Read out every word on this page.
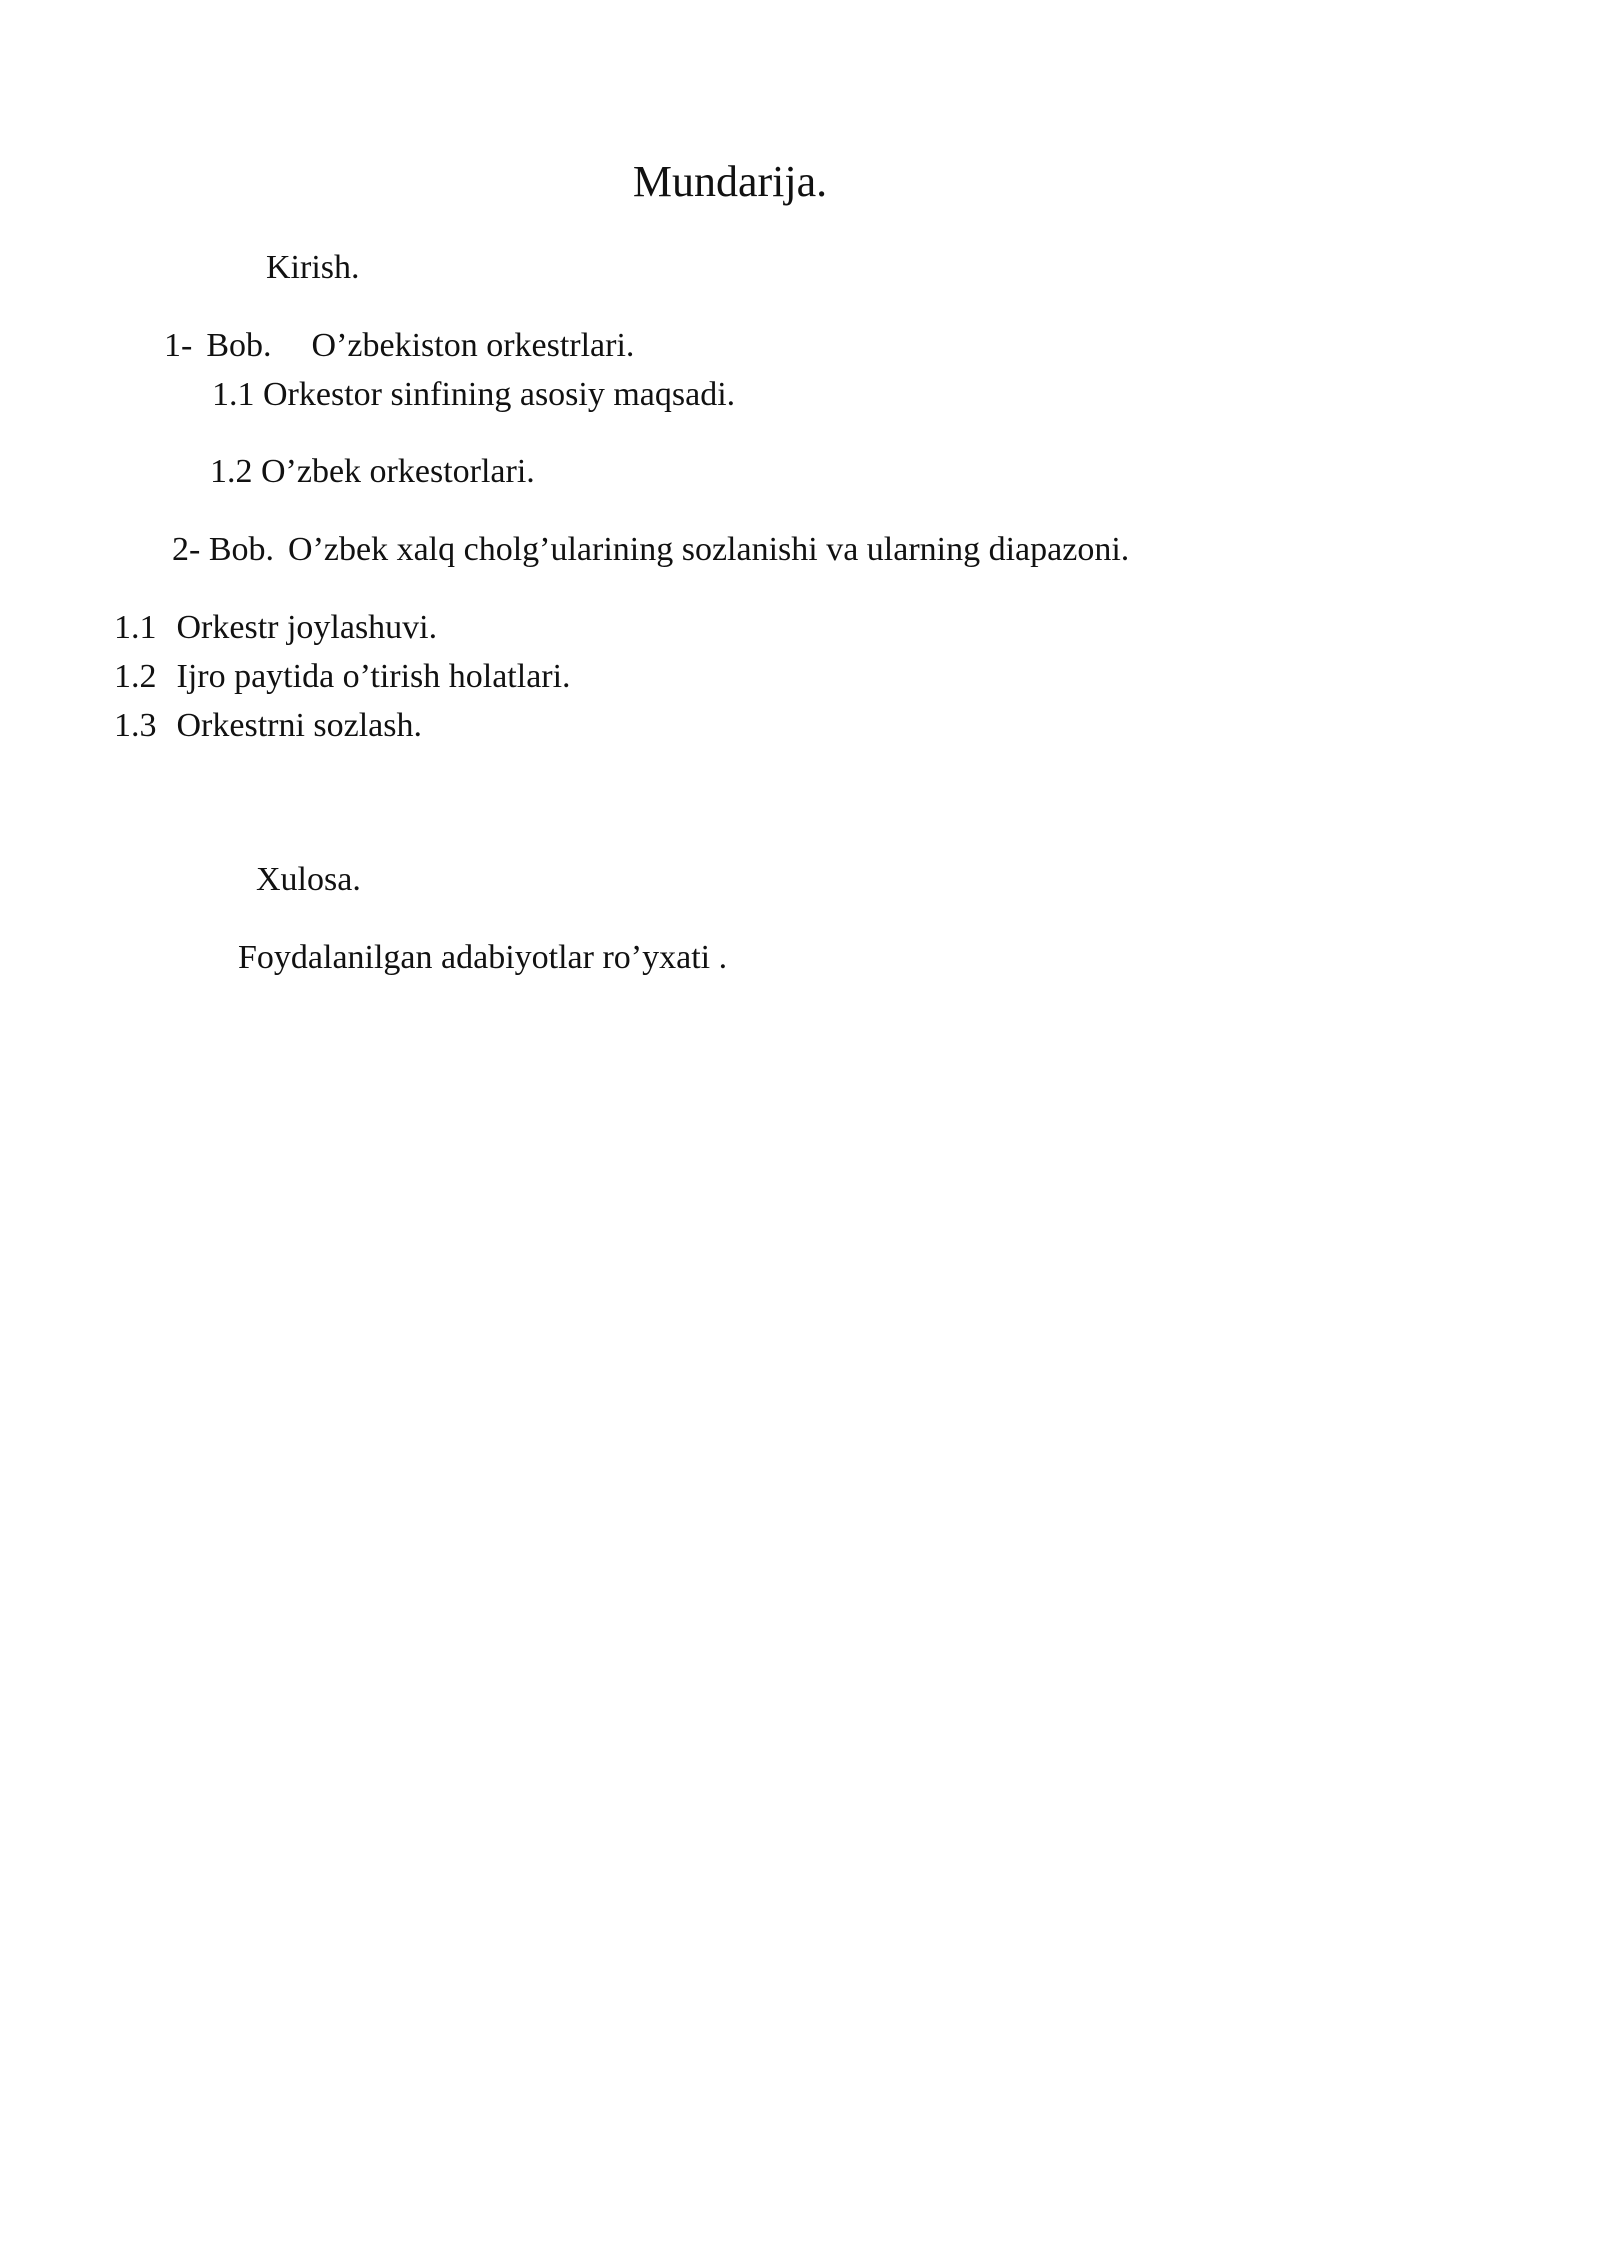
Mundarija.
Kirish.
1- Bob. O’zbekiston orkestrlari.
1.1 Orkestor sinfining asosiy maqsadi.
1.2 O’zbek orkestorlari.
2- Bob. O’zbek xalq cholg’ularining sozlanishi va ularning diapazoni.
1.1 Orkestr joylashuvi.
1.2 Ijro paytida o’tirish holatlari.
1.3 Orkestrni sozlash.
Xulosa.
Foydalanilgan adabiyotlar ro’yxati .
